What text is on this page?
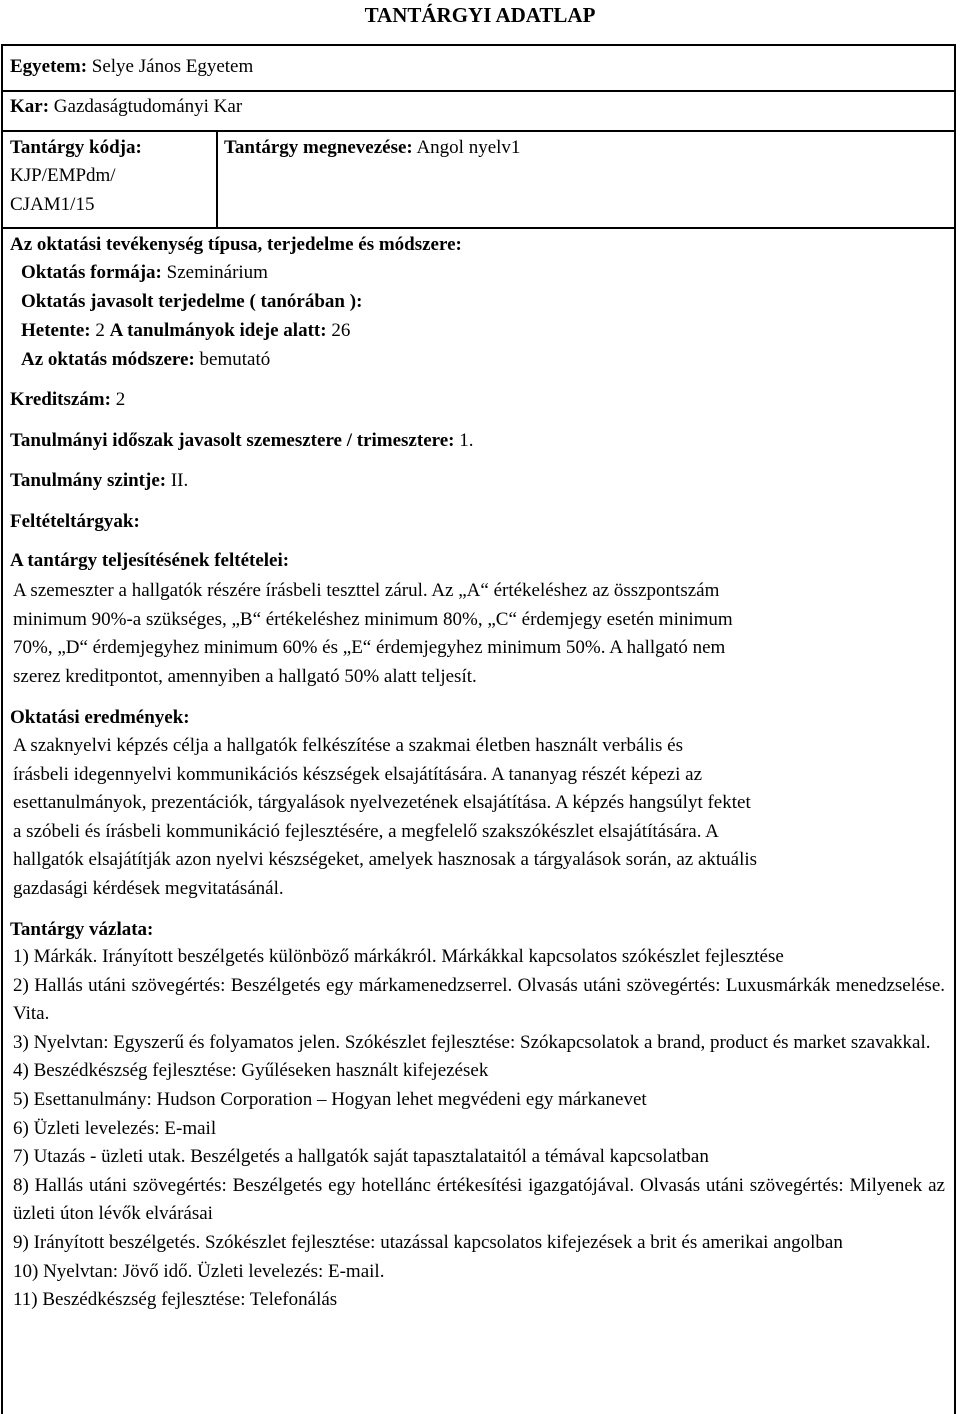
TANTÁRGYI ADATLAP
Egyetem: Selye János Egyetem
Kar: Gazdaságtudományi Kar
Tantárgy kódja:
KJP/EMPdm/
CJAM1/15
Tantárgy megnevezése: Angol nyelv1
Az oktatási tevékenység típusa, terjedelme és módszere:
Oktatás formája: Szeminárium
Oktatás javasolt terjedelme ( tanórában ):
Hetente: 2 A tanulmányok ideje alatt: 26
Az oktatás módszere: bemutató
Kreditszám: 2
Tanulmányi időszak javasolt szemesztere / trimesztere: 1.
Tanulmány szintje: II.
Feltételtárgyak:
A tantárgy teljesítésének feltételei:
A szemeszter a hallgatók részére írásbeli teszttel zárul. Az „A“ értékeléshez az összpontszám
minimum 90%-a szükséges, „B“ értékeléshez minimum 80%, „C“ érdemjegy esetén minimum
70%, „D“ érdemjegyhez minimum 60% és „E“ érdemjegyhez minimum 50%. A hallgató nem
szerez kreditpontot, amennyiben a hallgató 50% alatt teljesít.
Oktatási eredmények:
A szaknyelvi képzés célja a hallgatók felkészítése a szakmai életben használt verbális és
írásbeli idegennyelvi kommunikációs készségek elsajátítására. A tananyag részét képezi az
esettanulmányok, prezentációk, tárgyalások nyelvezetének elsajátítása. A képzés hangsúlyt fektet
a szóbeli és írásbeli kommunikáció fejlesztésére, a megfelelő szakszókészlet elsajátítására. A
hallgatók elsajátítják azon nyelvi készségeket, amelyek hasznosak a tárgyalások során, az aktuális
gazdasági kérdések megvitatásánál.
Tantárgy vázlata:
1) Márkák. Irányított beszélgetés különböző márkákról. Márkákkal kapcsolatos szókészlet fejlesztése
2) Hallás utáni szövegértés: Beszélgetés egy márkamenedzserrel. Olvasás utáni szövegértés: Luxusmárkák menedzselése. Vita.
3) Nyelvtan: Egyszerű és folyamatos jelen. Szókészlet fejlesztése: Szókapcsolatok a brand, product és market szavakkal.
4) Beszédkészség fejlesztése: Gyűléseken használt kifejezések
5) Esettanulmány: Hudson Corporation – Hogyan lehet megvédeni egy márkanevet
6) Üzleti levelezés: E-mail
7) Utazás - üzleti utak. Beszélgetés a hallgatók saját tapasztalataitól a témával kapcsolatban
8) Hallás utáni szövegértés: Beszélgetés egy hotellánc értékesítési igazgatójával. Olvasás utáni szövegértés: Milyenek az üzleti úton lévők elvárásai
9) Irányított beszélgetés. Szókészlet fejlesztése: utazással kapcsolatos kifejezések a brit és amerikai angolban
10) Nyelvtan: Jövő idő. Üzleti levelezés: E-mail.
11) Beszédkészség fejlesztése: Telefonálás
